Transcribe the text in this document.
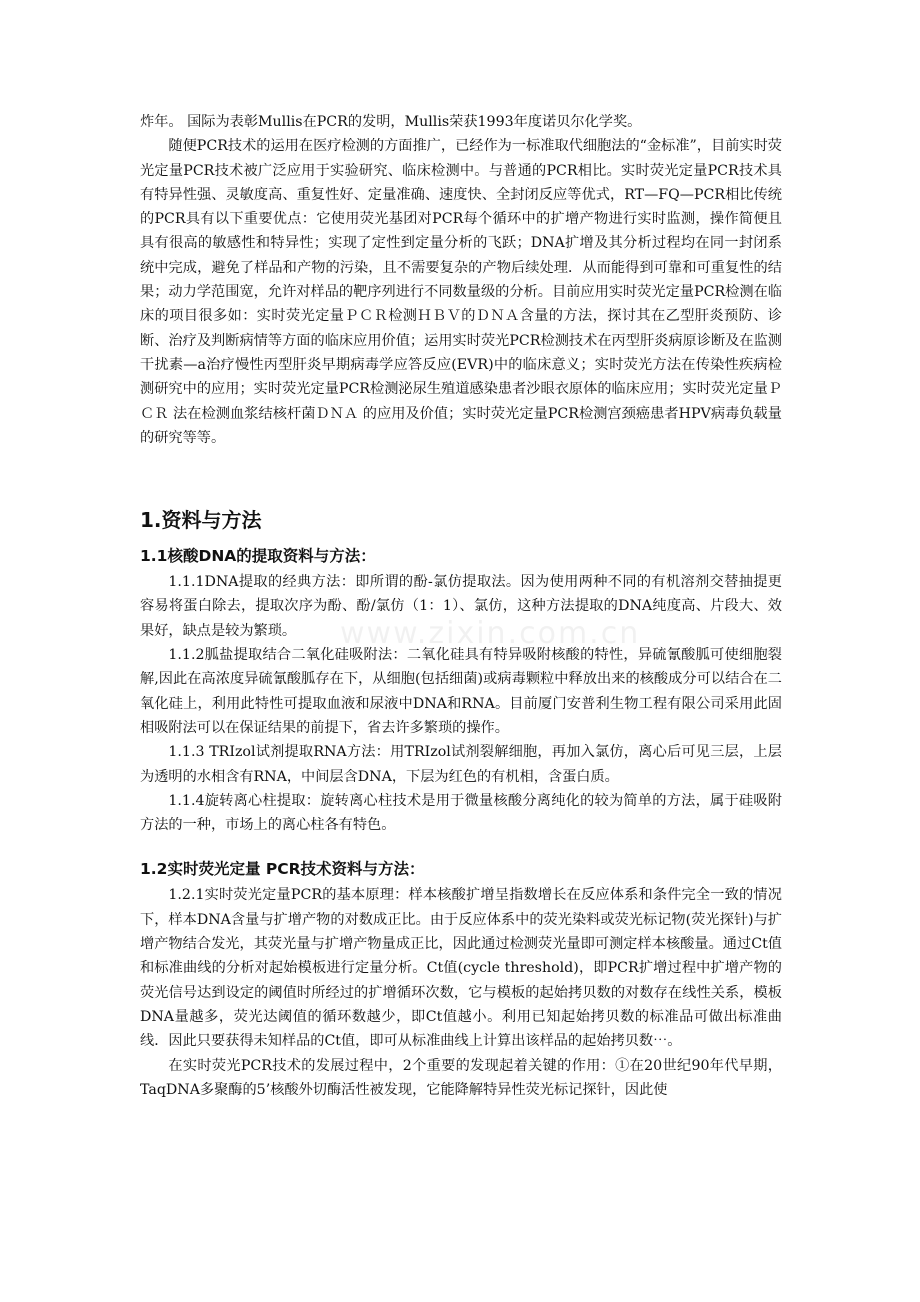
炸年。 国际为表彰Mullis在PCR的发明，Mullis荣获1993年度诺贝尔化学奖。

随便PCR技术的运用在医疗检测的方面推广，已经作为一标准取代细胞法的“金标准”，目前实时荧光定量PCR技术被广泛应用于实验研究、临床检测中。与普通的PCR相比。实时荧光定量PCR技术具有特异性强、灵敏度高、重复性好、定量准确、速度快、全封闭反应等优式，RT—FQ—PCR相比传统的PCR具有以下重要优点：它使用荧光基团对PCR每个循环中的扩增产物进行实时监测，操作简便且具有很高的敏感性和特异性；实现了定性到定量分析的飞跃；DNA扩增及其分析过程均在同一封闭系统中完成，避免了样品和产物的污染，且不需要复杂的产物后续处理．从而能得到可靠和可重复性的结果；动力学范围宽，允许对样品的靶序列进行不同数量级的分析。目前应用实时荧光定量PCR检测在临床的项目很多如：实时荧光定量ＰＣＲ检测ＨＢＶ的ＤＮＡ含量的方法，探讨其在乙型肝炎预防、诊断、治疗及判断病情等方面的临床应用价值；运用实时荧光PCR检测技术在丙型肝炎病原诊断及在监测干扰素—a治疗慢性丙型肝炎早期病毒学应答反应(EVR)中的临床意义；实时荧光方法在传染性疾病检测研究中的应用；实时荧光定量PCR检测泌尿生殖道感染患者沙眼衣原体的临床应用；实时荧光定量ＰＣＲ 法在检测血浆结核杆菌ＤＮＡ 的应用及价值；实时荧光定量PCR检测宫颈癌患者HPV病毒负载量的研究等等。

1.资料与方法
1.1核酸DNA的提取资料与方法：

1.1.1DNA提取的经典方法：即所谓的酚-氯仿提取法。因为使用两种不同的有机溶剂交替抽提更容易将蛋白除去，提取次序为酚、酚/氯仿（1：1）、氯仿，这种方法提取的DNA纯度高、片段大、效果好，缺点是较为繁琐。

1.1.2胍盐提取结合二氧化硅吸附法：二氧化硅具有特异吸附核酸的特性，异硫氰酸胍可使细胞裂解,因此在高浓度异硫氰酸胍存在下，从细胞(包括细菌)或病毒颗粒中释放出来的核酸成分可以结合在二氧化硅上，利用此特性可提取血液和尿液中DNA和RNA。目前厦门安普利生物工程有限公司采用此固相吸附法可以在保证结果的前提下，省去许多繁琐的操作。

1.1.3 TRIzol试剂提取RNA方法：用TRIzol试剂裂解细胞，再加入氯仿，离心后可见三层，上层为透明的水相含有RNA，中间层含DNA，下层为红色的有机相，含蛋白质。

1.1.4旋转离心柱提取：旋转离心柱技术是用于微量核酸分离纯化的较为简单的方法，属于硅吸附方法的一种，市场上的离心柱各有特色。

1.2实时荧光定量 PCR技术资料与方法：

1.2.1实时荧光定量PCR的基本原理：样本核酸扩增呈指数增长在反应体系和条件完全一致的情况下，样本DNA含量与扩增产物的对数成正比。由于反应体系中的荧光染料或荧光标记物(荧光探针)与扩增产物结合发光，其荧光量与扩增产物量成正比，因此通过检测荧光量即可测定样本核酸量。通过Ct值和标准曲线的分析对起始模板进行定量分析。Ct值(cycle threshold)，即PCR扩增过程中扩增产物的荧光信号达到设定的阈值时所经过的扩增循环次数，它与模板的起始拷贝数的对数存在线性关系，模板DNA量越多，荧光达阈值的循环数越少，即Ct值越小。利用已知起始拷贝数的标准品可做出标准曲线．因此只要获得未知样品的Ct值，即可从标准曲线上计算出该样品的起始拷贝数⋯。

在实时荧光PCR技术的发展过程中，2个重要的发现起着关键的作用：①在20世纪90年代早期，TaqDNA多聚酶的5’核酸外切酶活性被发现，它能降解特异性荧光标记探针，因此使

www.zixin.com.cn
